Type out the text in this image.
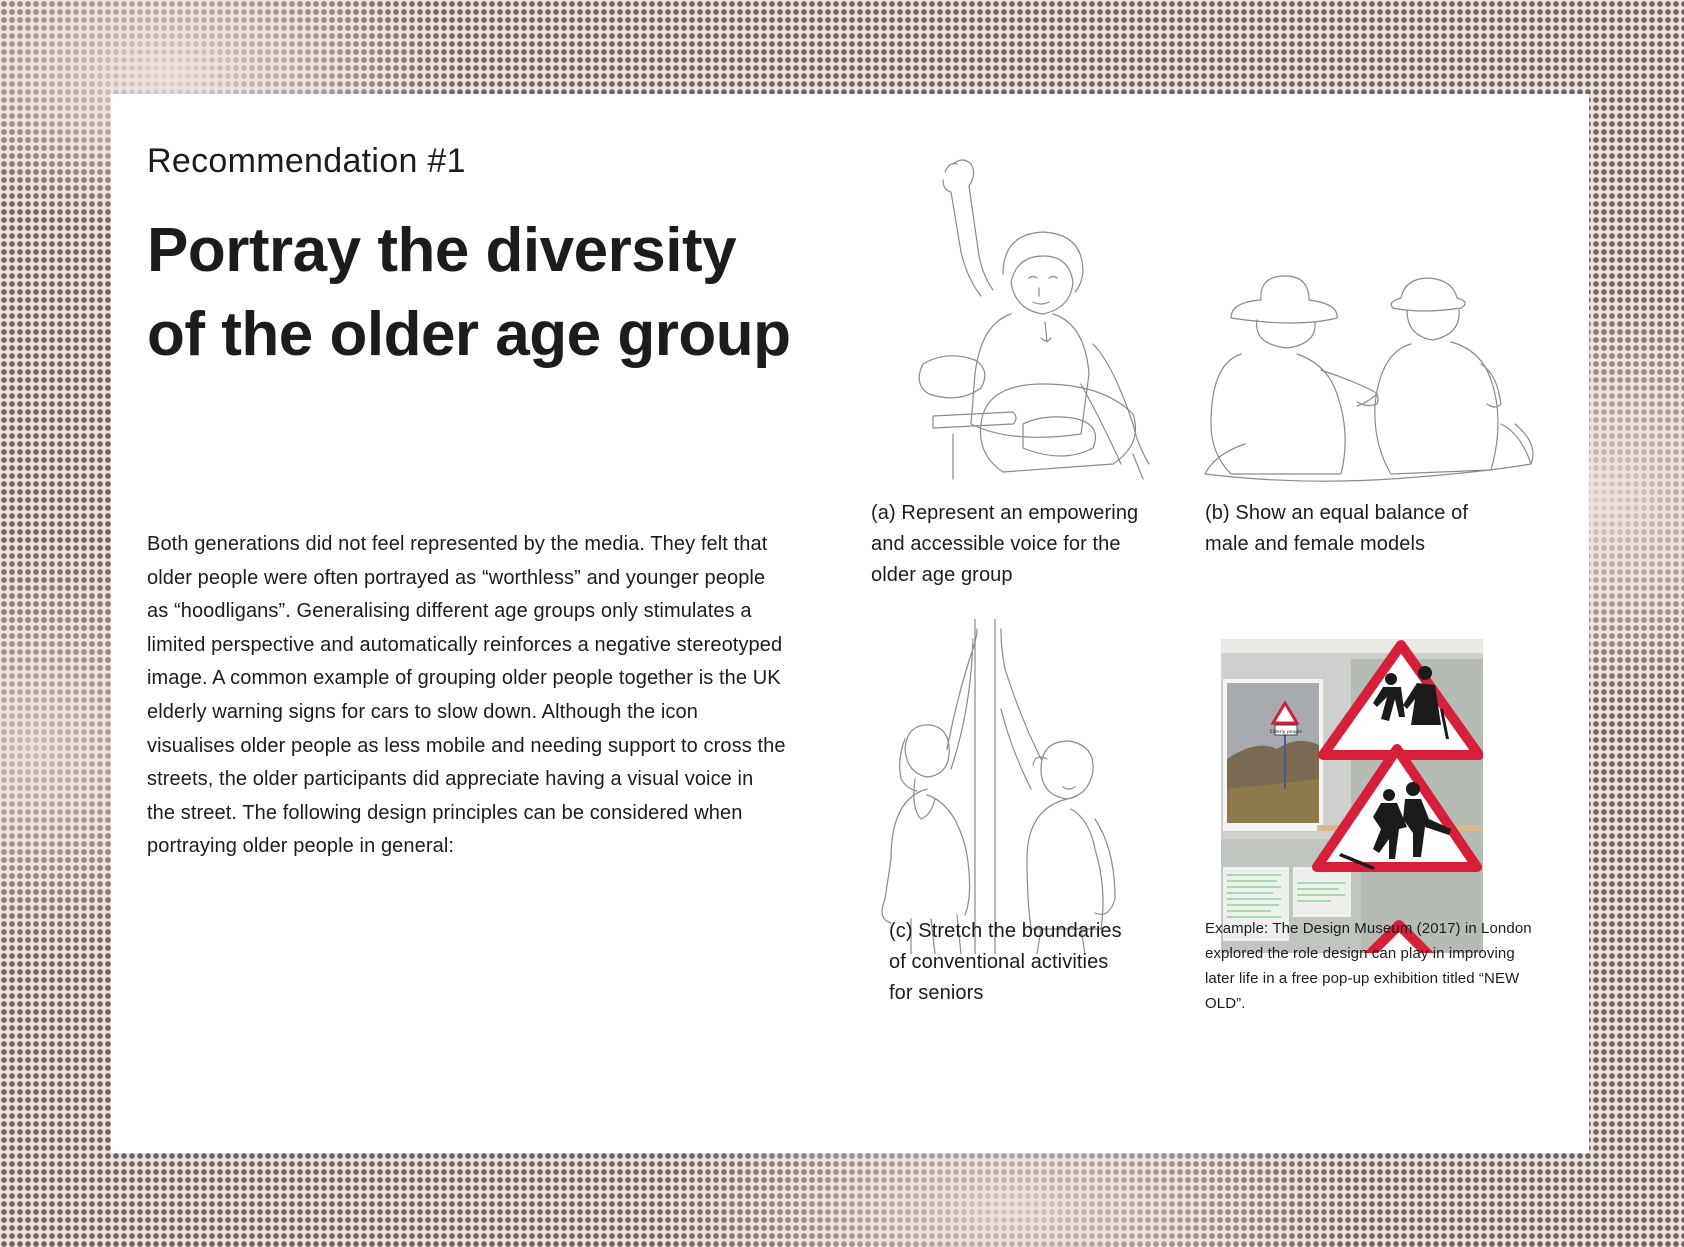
Recommendation #1
Portray the diversity of the older age group

Both generations did not feel represented by the media. They felt that older people were often portrayed as “worthless” and younger people as “hoodligans”. Generalising different age groups only stimulates a limited perspective and automatically reinforces a negative stereotyped image. A common example of grouping older people together is the UK elderly warning signs for cars to slow down. Although the icon visualises older people as less mobile and needing support to cross the streets, the older participants did appreciate having a visual voice in the street. The following design principles can be considered when portraying older people in general:

(a) Represent an empowering and accessible voice for the older age group

(b) Show an equal balance of male and female models

Elderly people

(c) Stretch the boundaries of conventional activities for seniors

Example: The Design Museum (2017) in London explored the role design can play in improving later life in a free pop-up exhibition titled “NEW OLD”.
